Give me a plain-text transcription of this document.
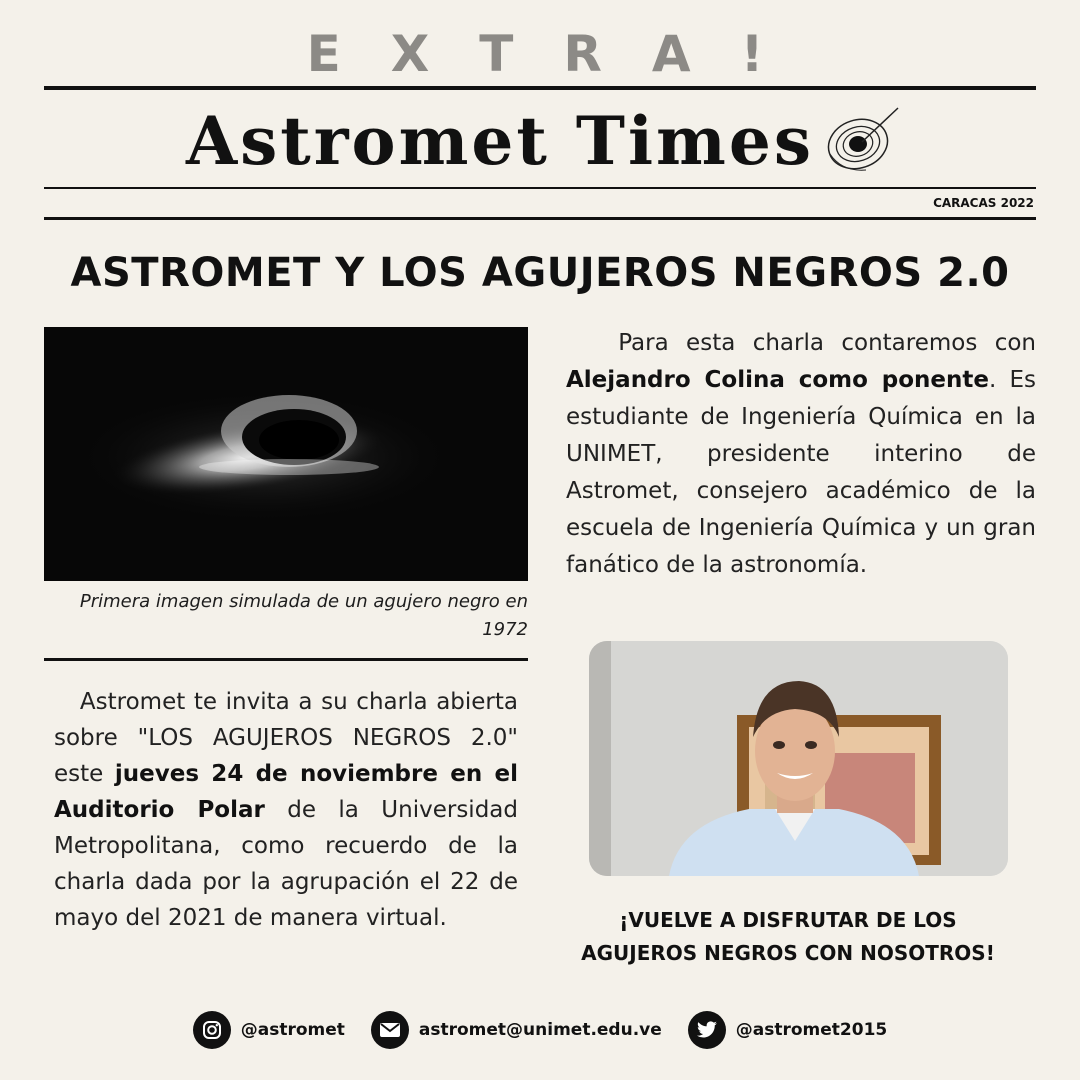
EXTRA!
Astromet Times
CARACAS 2022
ASTROMET Y LOS AGUJEROS NEGROS 2.0
Primera imagen simulada de un agujero negro en 1972
Astromet te invita a su charla abierta sobre "LOS AGUJEROS NEGROS 2.0" este jueves 24 de noviembre en el Auditorio Polar de la Universidad Metropolitana, como recuerdo de la charla dada por la agrupación el 22 de mayo del 2021 de manera virtual.
Para esta charla contaremos con Alejandro Colina como ponente. Es estudiante de Ingeniería Química en la UNIMET, presidente interino de Astromet, consejero académico de la escuela de Ingeniería Química y un gran fanático de la astronomía.
¡VUELVE A DISFRUTAR DE LOS
AGUJEROS NEGROS CON NOSOTROS!
@astromet	astromet@unimet.edu.ve	@astromet2015
